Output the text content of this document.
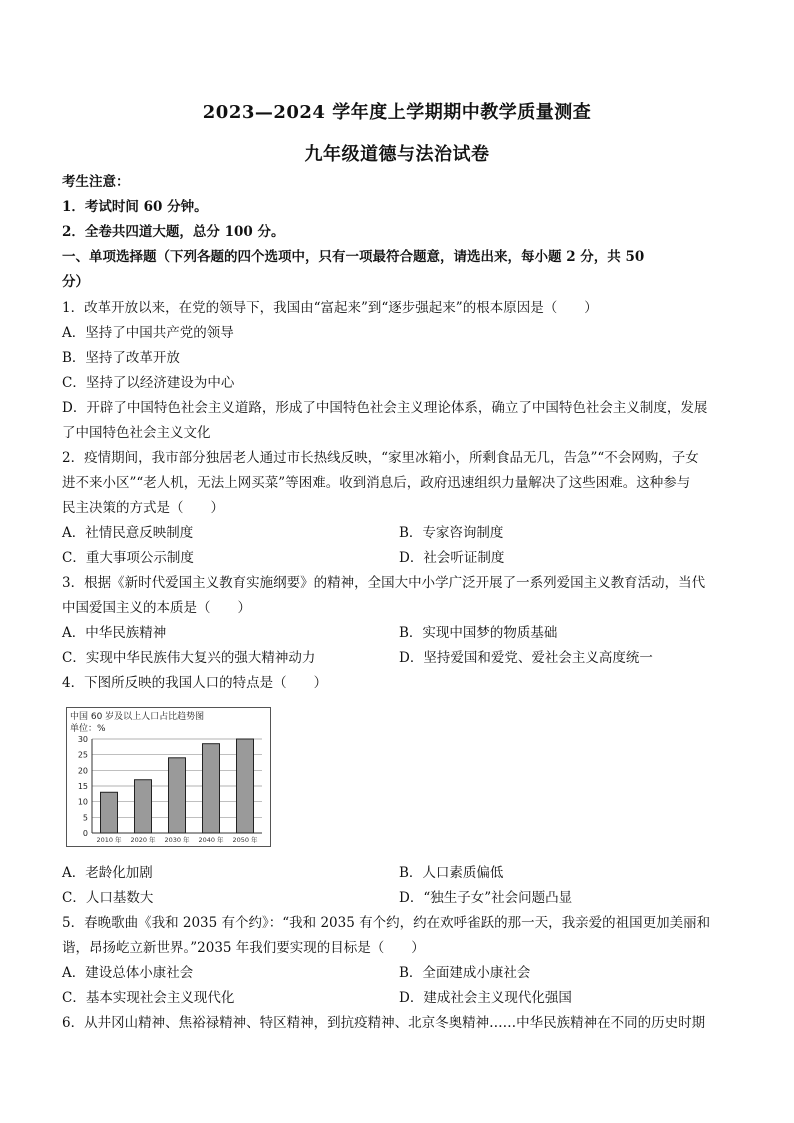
2023—2024 学年度上学期期中教学质量测查
九年级道德与法治试卷
考生注意：
1．考试时间 60 分钟。
2．全卷共四道大题，总分 100 分。
一、单项选择题（下列各题的四个选项中，只有一项最符合题意，请选出来，每小题 2 分，共 50
分）
1．改革开放以来，在党的领导下，我国由“富起来”到“逐步强起来”的根本原因是（　　）
A．坚持了中国共产党的领导
B．坚持了改革开放
C．坚持了以经济建设为中心
D．开辟了中国特色社会主义道路，形成了中国特色社会主义理论体系，确立了中国特色社会主义制度，发展
了中国特色社会主义文化
2．疫情期间，我市部分独居老人通过市长热线反映，“家里冰箱小，所剩食品无几，告急”“不会网购，子女
进不来小区”“老人机，无法上网买菜”等困难。收到消息后，政府迅速组织力量解决了这些困难。这种参与
民主决策的方式是（　　）
A．社情民意反映制度	B．专家咨询制度
C．重大事项公示制度	D．社会听证制度
3．根据《新时代爱国主义教育实施纲要》的精神，全国大中小学广泛开展了一系列爱国主义教育活动，当代
中国爱国主义的本质是（　　）
A．中华民族精神	B．实现中国梦的物质基础
C．实现中华民族伟大复兴的强大精神动力	D．坚持爱国和爱党、爱社会主义高度统一
4．下图所反映的我国人口的特点是（　　）
中国 60 岁及以上人口占比趋势图
单位：%
0
5
10
15
20
25
30
2010 年 2020 年 2030 年 2040 年 2050 年
A．老龄化加剧	B．人口素质偏低
C．人口基数大	D．“独生子女”社会问题凸显
5．春晚歌曲《我和 2035 有个约》：“我和 2035 有个约，约在欢呼雀跃的那一天，我亲爱的祖国更加美丽和
谐，昂扬屹立新世界。”2035 年我们要实现的目标是（　　）
A．建设总体小康社会	B．全面建成小康社会
C．基本实现社会主义现代化	D．建成社会主义现代化强国
6．从井冈山精神、焦裕禄精神、特区精神，到抗疫精神、北京冬奥精神……中华民族精神在不同的历史时期
